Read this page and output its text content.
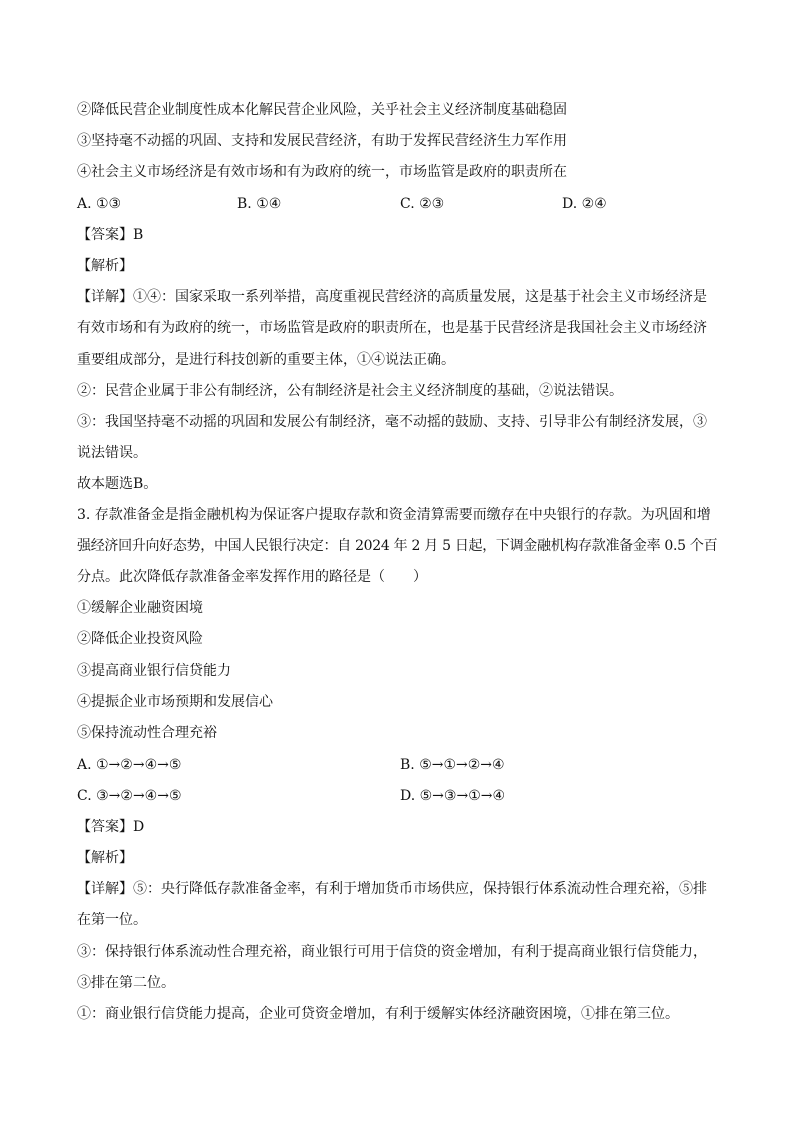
②降低民营企业制度性成本化解民营企业风险，关乎社会主义经济制度基础稳固
③坚持毫不动摇的巩固、支持和发展民营经济，有助于发挥民营经济生力军作用
④社会主义市场经济是有效市场和有为政府的统一，市场监管是政府的职责所在
A. ①③	B. ①④	C. ②③	D. ②④
【答案】B
【解析】
【详解】①④：国家采取一系列举措，高度重视民营经济的高质量发展，这是基于社会主义市场经济是
有效市场和有为政府的统一，市场监管是政府的职责所在，也是基于民营经济是我国社会主义市场经济
重要组成部分，是进行科技创新的重要主体，①④说法正确。
②：民营企业属于非公有制经济，公有制经济是社会主义经济制度的基础，②说法错误。
③：我国坚持毫不动摇的巩固和发展公有制经济，毫不动摇的鼓励、支持、引导非公有制经济发展，③
说法错误。
故本题选B。
3. 存款准备金是指金融机构为保证客户提取存款和资金清算需要而缴存在中央银行的存款。为巩固和增
强经济回升向好态势，中国人民银行决定：自 2024 年 2 月 5 日起，下调金融机构存款准备金率 0.5 个百
分点。此次降低存款准备金率发挥作用的路径是（　　）
①缓解企业融资困境
②降低企业投资风险
③提高商业银行信贷能力
④提振企业市场预期和发展信心
⑤保持流动性合理充裕
A. ①→②→④→⑤	B. ⑤→①→②→④
C. ③→②→④→⑤	D. ⑤→③→①→④
【答案】D
【解析】
【详解】⑤：央行降低存款准备金率，有利于增加货币市场供应，保持银行体系流动性合理充裕，⑤排
在第一位。
③：保持银行体系流动性合理充裕，商业银行可用于信贷的资金增加，有利于提高商业银行信贷能力，
③排在第二位。
①：商业银行信贷能力提高，企业可贷资金增加，有利于缓解实体经济融资困境，①排在第三位。
